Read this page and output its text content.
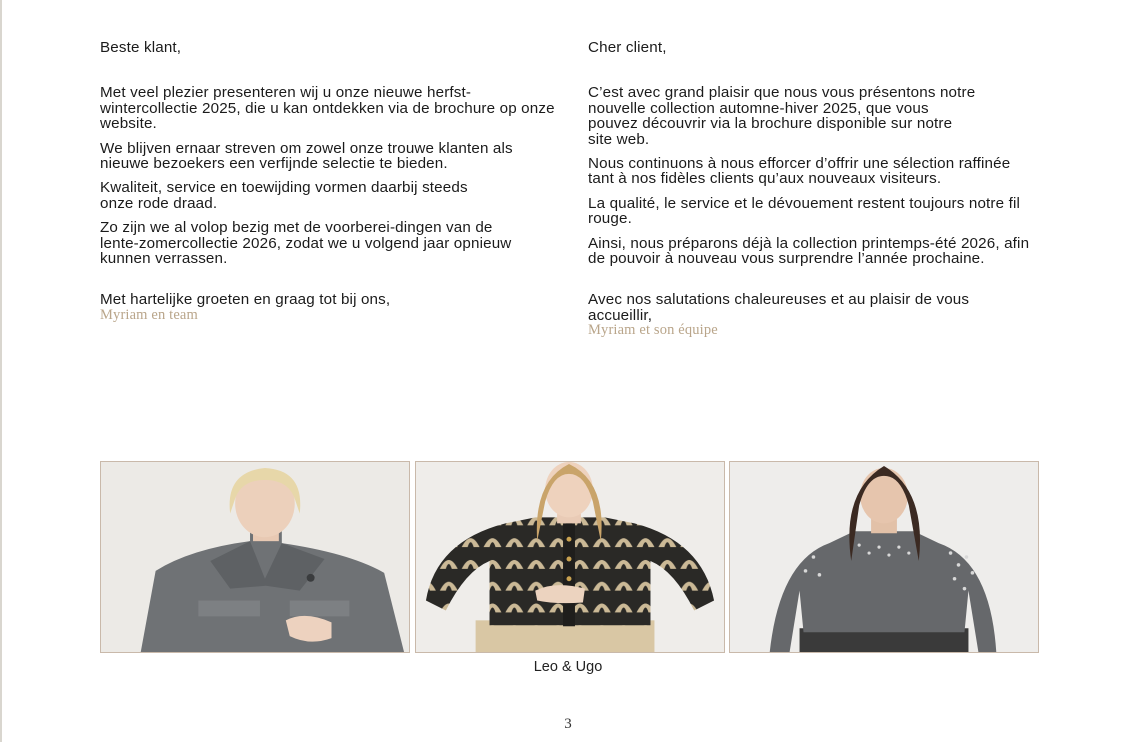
Beste klant,

Met veel plezier presenteren wij u onze nieuwe herfst-wintercollectie 2025, die u kan ontdekken via de brochure op onze website.

We blijven ernaar streven om zowel onze trouwe klanten als nieuwe bezoekers een verfijnde selectie te bieden.

Kwaliteit, service en toewijding vormen daarbij steeds onze rode draad.

Zo zijn we al volop bezig met de voorberei-dingen van de lente-zomercollectie 2026, zodat we u volgend jaar opnieuw kunnen verrassen.

Met hartelijke groeten en graag tot bij ons,

Myriam en team

Cher client,

C’est avec grand plaisir que nous vous présentons notre nouvelle collection automne-hiver 2025, que vous pouvez découvrir via la brochure disponible sur notre site web.

Nous continuons à nous efforcer d’offrir une sélection raffinée tant à nos fidèles clients qu’aux nouveaux visiteurs.

La qualité, le service et le dévouement restent toujours notre fil rouge.

Ainsi, nous préparons déjà la collection printemps-été 2026, afin de pouvoir à nouveau vous surprendre l’année prochaine.

Avec nos salutations chaleureuses et au plaisir de vous accueillir,

Myriam et son équipe
Leo & Ugo
3
